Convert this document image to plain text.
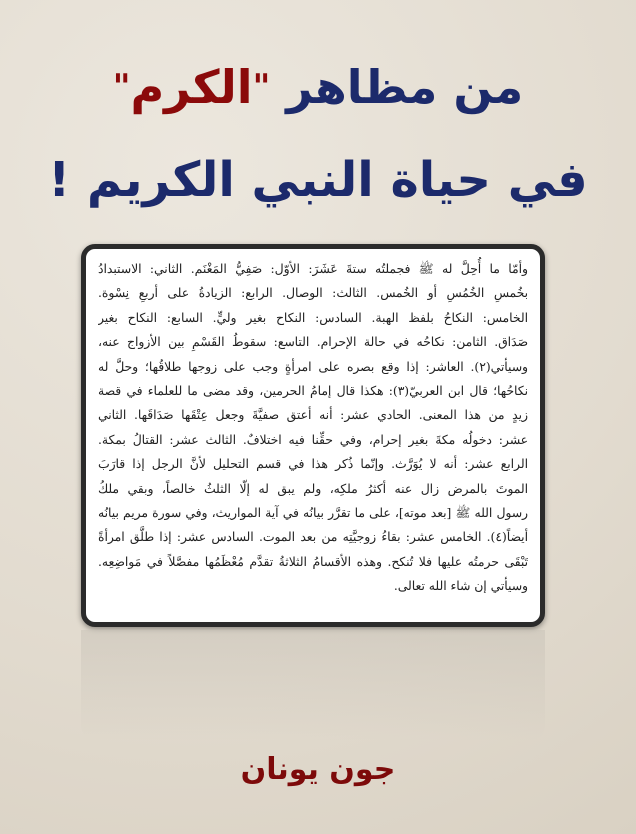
من مظاهر "الكرم"
في حياة النبي الكريم !
وأمّا ما أُحِلَّ له ﷺ فجملتُه ستةَ عَشَرَ: الأوّل: صَفِيُّ المَغْنَم. الثاني: الاستبدادُ
بخُمسِ الخُمُسِ أو الخُمس. الثالث: الوصال. الرابع: الزيادةُ على أربعِ نِسْوة.
الخامس: النكاحُ بلفظ الهبة. السادس: النكاح بغير وليٍّ. السابع: النكاح بغير
صَدَاق. الثامن: نكاحُه في حالة الإحرام. التاسع: سقوطُ القَسْمِ بين الأزواج عنه،
وسيأتي(٢). العاشر: إذا وقع بصره على امرأةٍ وجب على زوجها طلاقُها؛ وحلَّ له
نكاحُها؛ قال ابن العربيّ(٣): هكذا قال إمامُ الحرمين، وقد مضى ما للعلماء في قصة
زيدٍ من هذا المعنى. الحادي عشر: أنه أعتق صفيَّةَ وجعل عِتْقَها صَدَاقَها. الثاني
عشر: دخولُه مكةَ بغير إحرام، وفي حقِّنا فيه اختلافٌ. الثالث عشر: القتالُ بمكة.
الرابع عشر: أنه لا يُوَرَّث. وإنّما ذُكر هذا في قسم التحليل لأنَّ الرجل إذا قارَبَ
الموتَ بالمرض زال عنه أكثرُ ملكِه، ولم يبق له إلّا الثلثُ خالصاً، وبقي ملكُ
رسول الله ﷺ [بعد موته]، على ما تقرَّر بيانُه في آية المواريث، وفي سورة مريم بيانُه
أيضاً(٤). الخامس عشر: بقاءُ زوجيَّتِه من بعد الموت. السادس عشر: إذا طلَّق امرأةً
تَبْقَى حرمتُه عليها فلا تُنكح. وهذه الأقسامُ الثلاثةُ تقدَّم مُعْظَمُها مفصَّلاً في مَواضِعِه.
وسيأتي إن شاء الله تعالى.
جون يونان
